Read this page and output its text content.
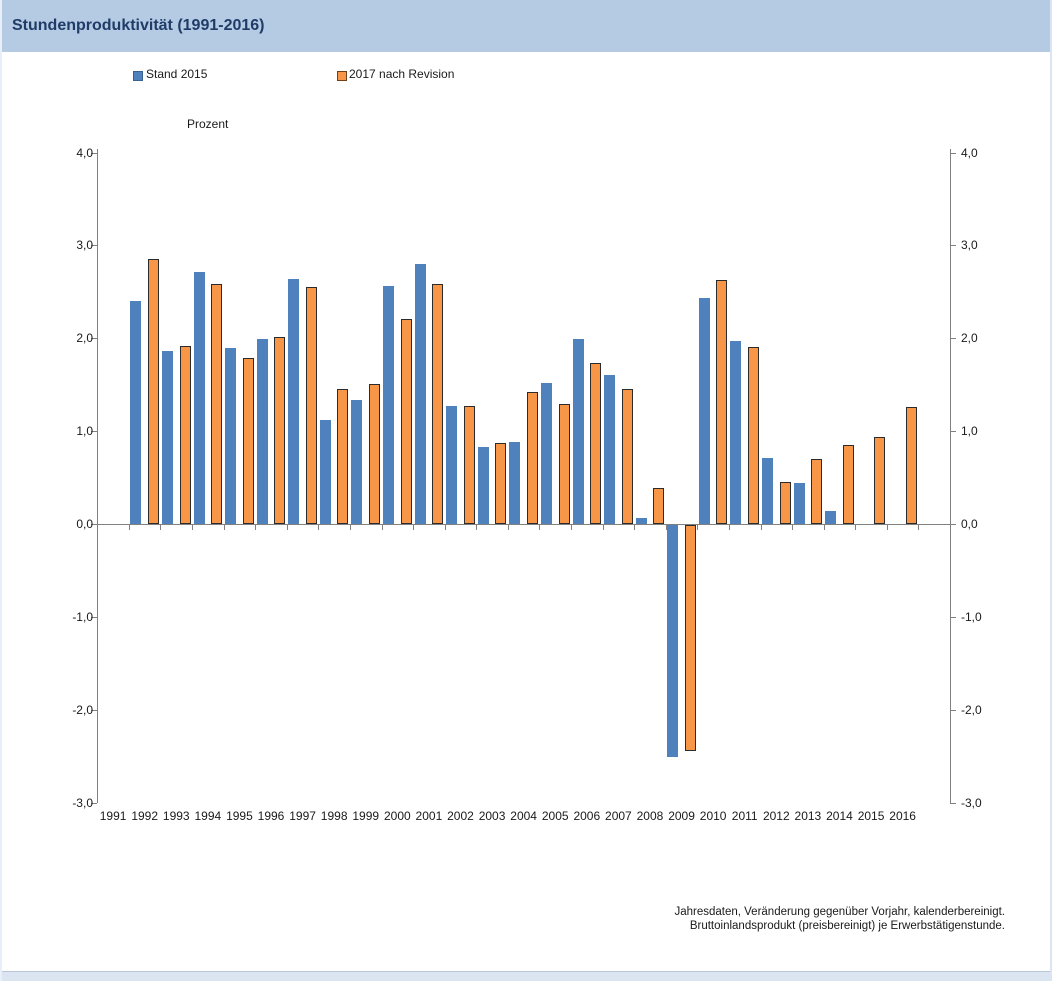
Stundenproduktivität (1991-2016)
Stand 2015	2017 nach Revision
Prozent
4,0	4,0
3,0	3,0
2,0	2,0
1,0	1,0
0,0	0,0
-1,0	-1,0
-2,0	-2,0
-3,0	-3,0
1991 1992 1993 1994 1995 1996 1997 1998 1999 2000 2001 2002 2003 2004 2005 2006 2007 2008 2009 2010 2011 2012 2013 2014 2015 2016
Jahresdaten, Veränderung gegenüber Vorjahr, kalenderbereinigt.
Bruttoinlandsprodukt (preisbereinigt) je Erwerbstätigenstunde.
